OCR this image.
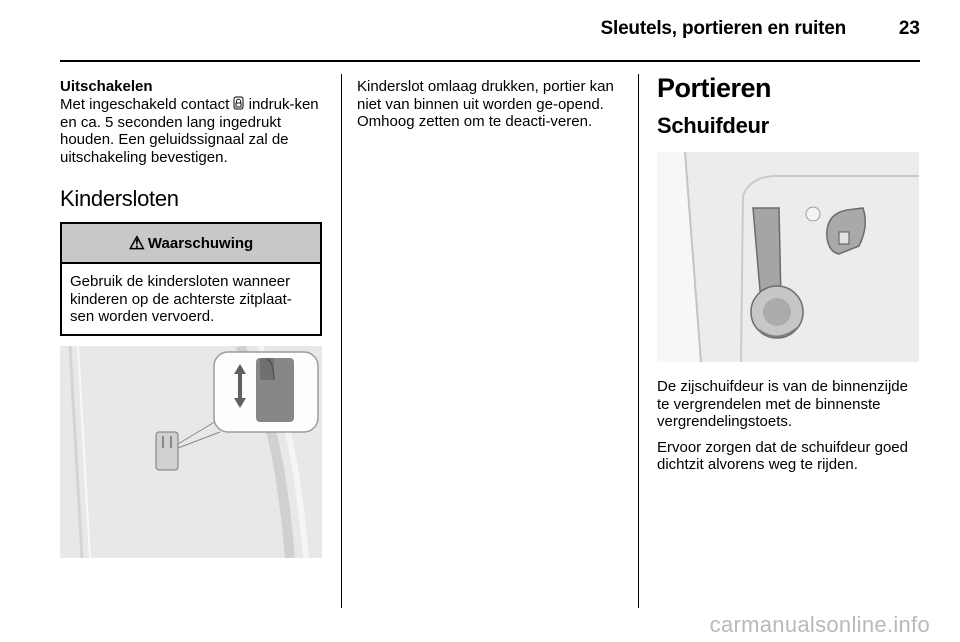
Sleutels, portieren en ruiten	23
Uitschakelen

Met ingeschakeld contact  indruk-ken en ca. 5 seconden lang ingedrukt houden. Een geluidssignaal zal de uitschakeling bevestigen.

Kindersloten
⚠ Waarschuwing

Gebruik de kindersloten wanneer kinderen op de achterste zitplaat-sen worden vervoerd.

Kinderslot omlaag drukken, portier kan niet van binnen uit worden ge-opend. Omhoog zetten om te deacti-veren.

Portieren
Schuifdeur

De zijschuifdeur is van de binnenzijde te vergrendelen met de binnenste vergrendelingstoets.

Ervoor zorgen dat de schuifdeur goed dichtzit alvorens weg te rijden.

carmanualsonline.info
